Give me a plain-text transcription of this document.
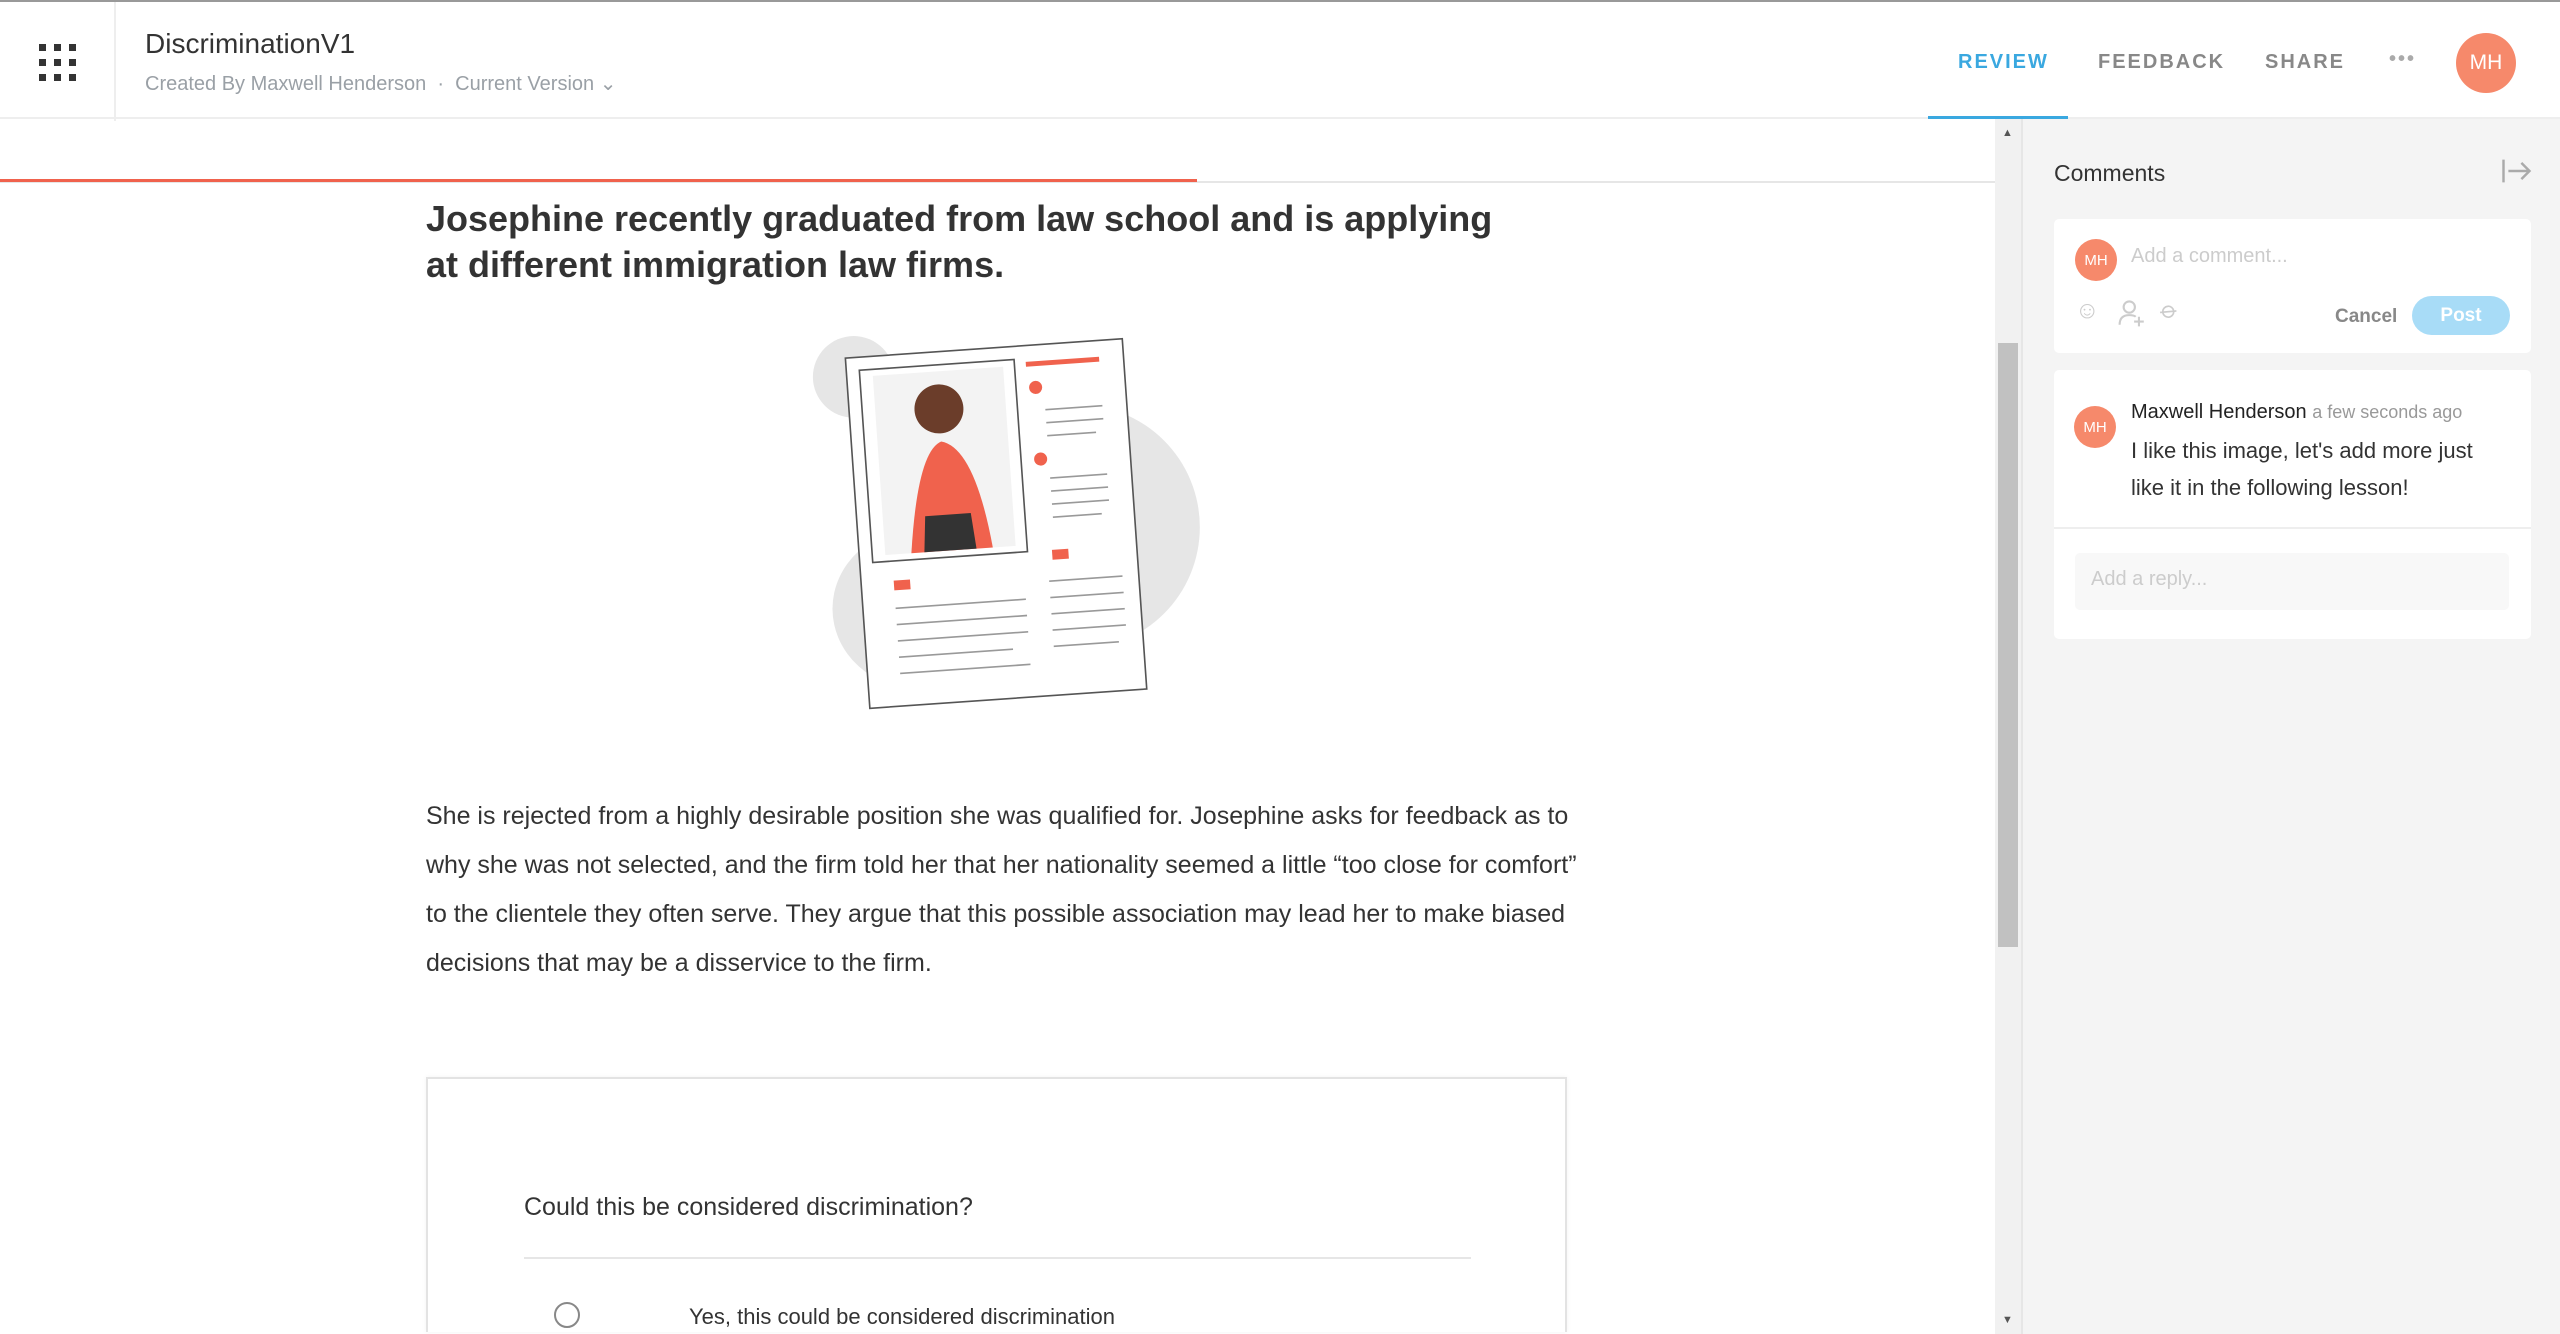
DiscriminationV1
Created By Maxwell Henderson · Current Version ⌄
REVIEW FEEDBACK SHARE •••	MH
Josephine recently graduated from law school and is applying at different immigration law firms.
She is rejected from a highly desirable position she was qualified for. Josephine asks for feedback as to why she was not selected, and the firm told her that her nationality seemed a little “too close for comfort” to the clientele they often serve. They argue that this possible association may lead her to make biased decisions that may be a disservice to the firm.
Could this be considered discrimination?
Yes, this could be considered discrimination
▲
▼
Comments
MH	Add a comment...
☺ ⌀	Cancel	Post
MH
Maxwell Henderson a few seconds ago
I like this image, let's add more just like it in the following lesson!
Add a reply...
